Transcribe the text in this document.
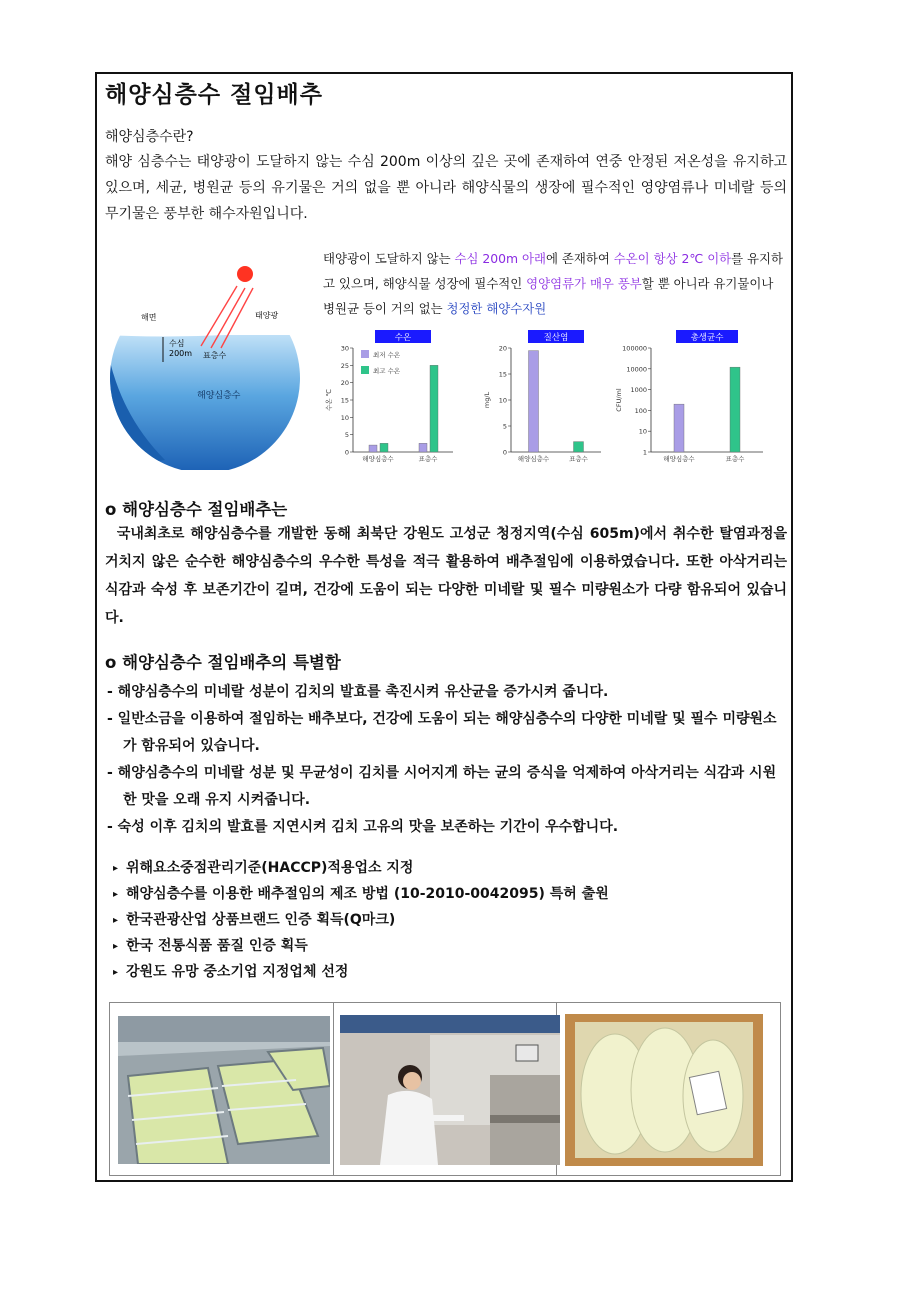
해양심층수 절임배추
해양심층수란?
해양 심층수는 태양광이 도달하지 않는 수심 200m 이상의 깊은 곳에 존재하여 연중 안정된 저온성을 유지하고 있으며, 세균, 병원균 등의 유기물은 거의 없을 뿐 아니라 해양식물의 생장에 필수적인 영양염류나 미네랄 등의 무기물은 풍부한 해수자원입니다.
해면	태양광
수심
200m 표층수
해양심층수
태양광이 도달하지 않는 수심 200m 아래에 존재하여 수온이 항상 2℃ 이하를 유지하고 있으며, 해양식물 성장에 필수적인 영양염류가 매우 풍부할 뿐 아니라 유기물이나 병원균 등이 거의 없는 청정한 해양수자원
수온
0
5
10
15
20
25
30
수온 ℃
해양심층수	표층수
최저 수온
최고 수온
질산염
0
5
10
15
20
mg/L
해양심층수	표층수
총생균수
1
10
100
1000
10000
100000
CFU/ml
해양심층수	표층수
o 해양심층수 절임배추는
국내최초로 해양심층수를 개발한 동해 최북단 강원도 고성군 청정지역(수심 605m)에서 취수한 탈염과정을 거치지 않은 순수한 해양심층수의 우수한 특성을 적극 활용하여 배추절임에 이용하였습니다. 또한 아삭거리는 식감과 숙성 후 보존기간이 길며, 건강에 도움이 되는 다양한 미네랄 및 필수 미량원소가 다량 함유되어 있습니다.
o 해양심층수 절임배추의 특별함
- 해양심층수의 미네랄 성분이 김치의 발효를 촉진시켜 유산균을 증가시켜 줍니다.
- 일반소금을 이용하여 절임하는 배추보다, 건강에 도움이 되는 해양심층수의 다양한 미네랄 및 필수 미량원소가 함유되어 있습니다.
- 해양심층수의 미네랄 성분 및 무균성이 김치를 시어지게 하는 균의 증식을 억제하여 아삭거리는 식감과 시원한 맛을 오래 유지 시켜줍니다.
- 숙성 이후 김치의 발효를 지연시켜 김치 고유의 맛을 보존하는 기간이 우수합니다.
▸ 위해요소중점관리기준(HACCP)적용업소 지정
▸ 해양심층수를 이용한 배추절임의 제조 방법 (10-2010-0042095) 특허 출원
▸ 한국관광산업 상품브랜드 인증 획득(Q마크)
▸ 한국 전통식품 품질 인증 획득
▸ 강원도 유망 중소기업 지정업체 선정
